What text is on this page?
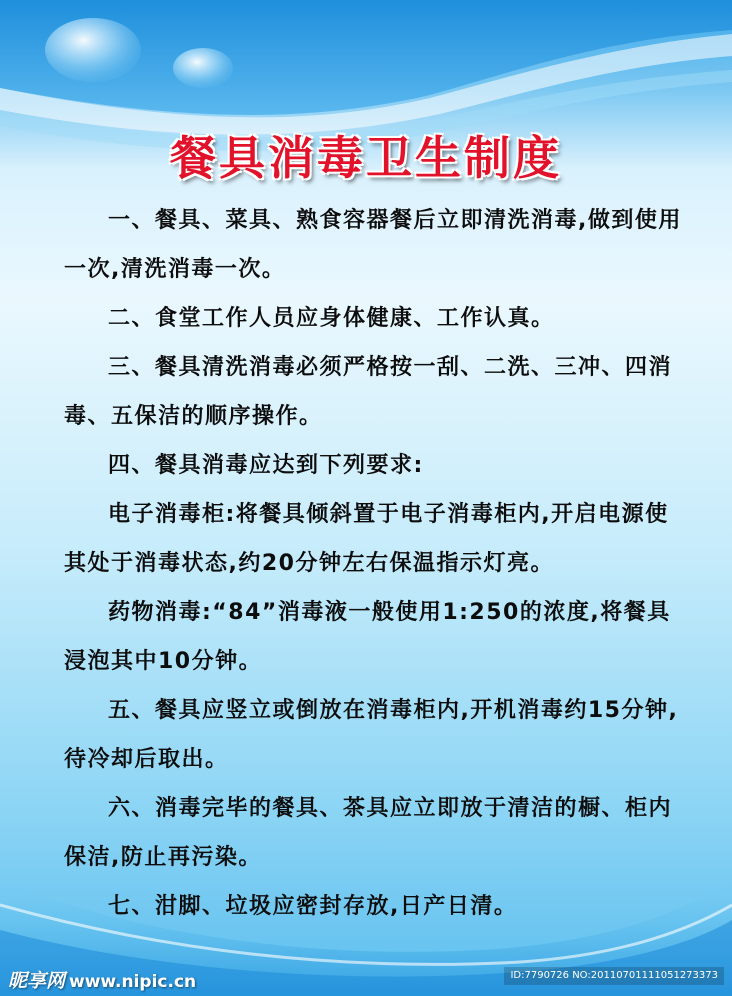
餐具消毒卫生制度

一、餐具、菜具、熟食容器餐后立即清洗消毒,做到使用一次,清洗消毒一次。

二、食堂工作人员应身体健康、工作认真。

三、餐具清洗消毒必须严格按一刮、二洗、三冲、四消毒、五保洁的顺序操作。

四、餐具消毒应达到下列要求:

电子消毒柜:将餐具倾斜置于电子消毒柜内,开启电源使其处于消毒状态,约20分钟左右保温指示灯亮。

药物消毒:“84”消毒液一般使用1:250的浓度,将餐具浸泡其中10分钟。

五、餐具应竖立或倒放在消毒柜内,开机消毒约15分钟,待冷却后取出。

六、消毒完毕的餐具、茶具应立即放于清洁的橱、柜内保洁,防止再污染。

七、泔脚、垃圾应密封存放,日产日清。

昵享网 www.nipic.cn	ID:7790726 NO:20110701111051273373
